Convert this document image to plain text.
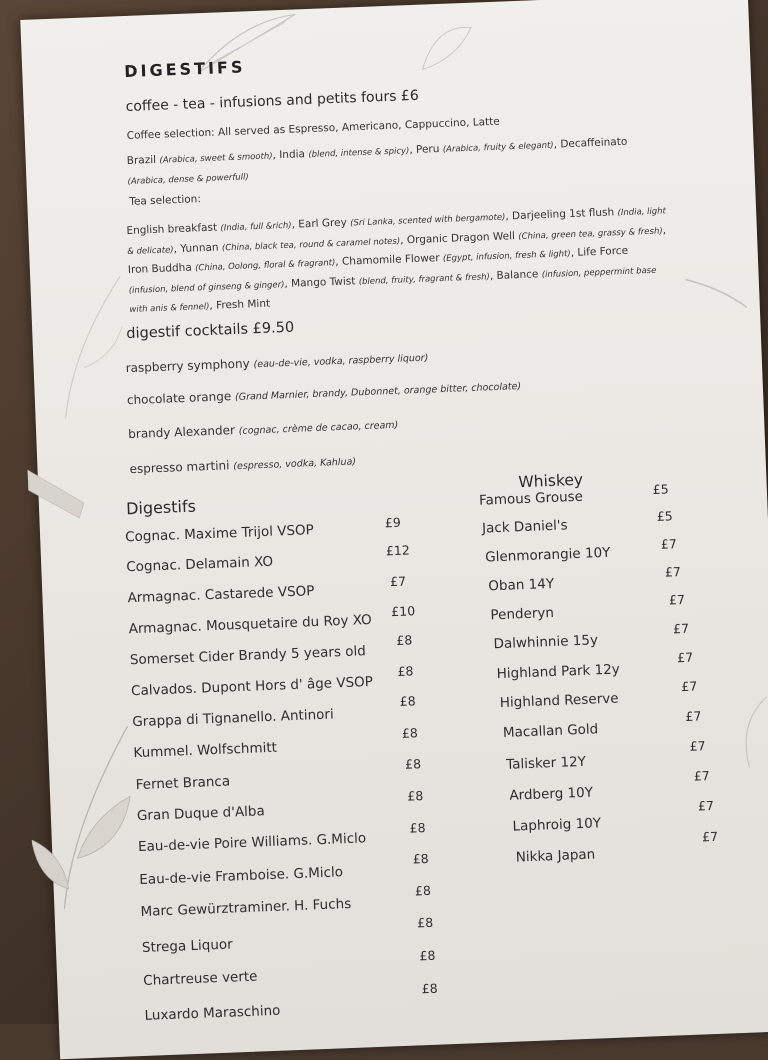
DIGESTIFS
coffee - tea - infusions and petits fours £6
Coffee selection: All served as Espresso, Americano, Cappuccino, Latte
Brazil (Arabica, sweet & smooth), India (blend, intense & spicy), Peru (Arabica, fruity & elegant), Decaffeinato (Arabica, dense & powerfull)
Tea selection:
English breakfast (India, full &rich), Earl Grey (Sri Lanka, scented with bergamote), Darjeeling 1st flush (India, light & delicate), Yunnan (China, black tea, round & caramel notes), Organic Dragon Well (China, green tea, grassy & fresh), Iron Buddha (China, Oolong, floral & fragrant), Chamomile Flower (Egypt, infusion, fresh & light), Life Force (infusion, blend of ginseng & ginger), Mango Twist (blend, fruity, fragrant & fresh), Balance (infusion, peppermint base with anis & fennel), Fresh Mint
digestif cocktails £9.50
raspberry symphony (eau-de-vie, vodka, raspberry liquor)
chocolate orange (Grand Marnier, brandy, Dubonnet, orange bitter, chocolate)
brandy Alexander (cognac, crème de cacao, cream)
espresso martini (espresso, vodka, Kahlua)
Digestifs
Whiskey
Cognac. Maxime Trijol VSOP	£9
Cognac. Delamain XO
£12
Armagnac. Castarede VSOP
£7
Armagnac. Mousquetaire du Roy XO
£10
Somerset Cider Brandy 5 years old
£8
Calvados. Dupont Hors d' âge VSOP
£8
Grappa di Tignanello. Antinori
£8
Kummel. Wolfschmitt
£8
Fernet Branca
£8
Gran Duque d'Alba
£8
Eau-de-vie Poire Williams. G.Miclo
£8
Eau-de-vie Framboise. G.Miclo
£8
Marc Gewürztraminer. H. Fuchs
£8
Strega Liquor
£8
Chartreuse verte
£8
Luxardo Maraschino
£8
Famous Grouse	£5
Jack Daniel's
£5
Glenmorangie 10Y
£7
Oban 14Y
£7
Penderyn
£7
Dalwhinnie 15y
£7
Highland Park 12y
£7
Highland Reserve
£7
Macallan Gold
£7
Talisker 12Y
£7
Ardberg 10Y
£7
Laphroig 10Y
£7
Nikka Japan
£7
